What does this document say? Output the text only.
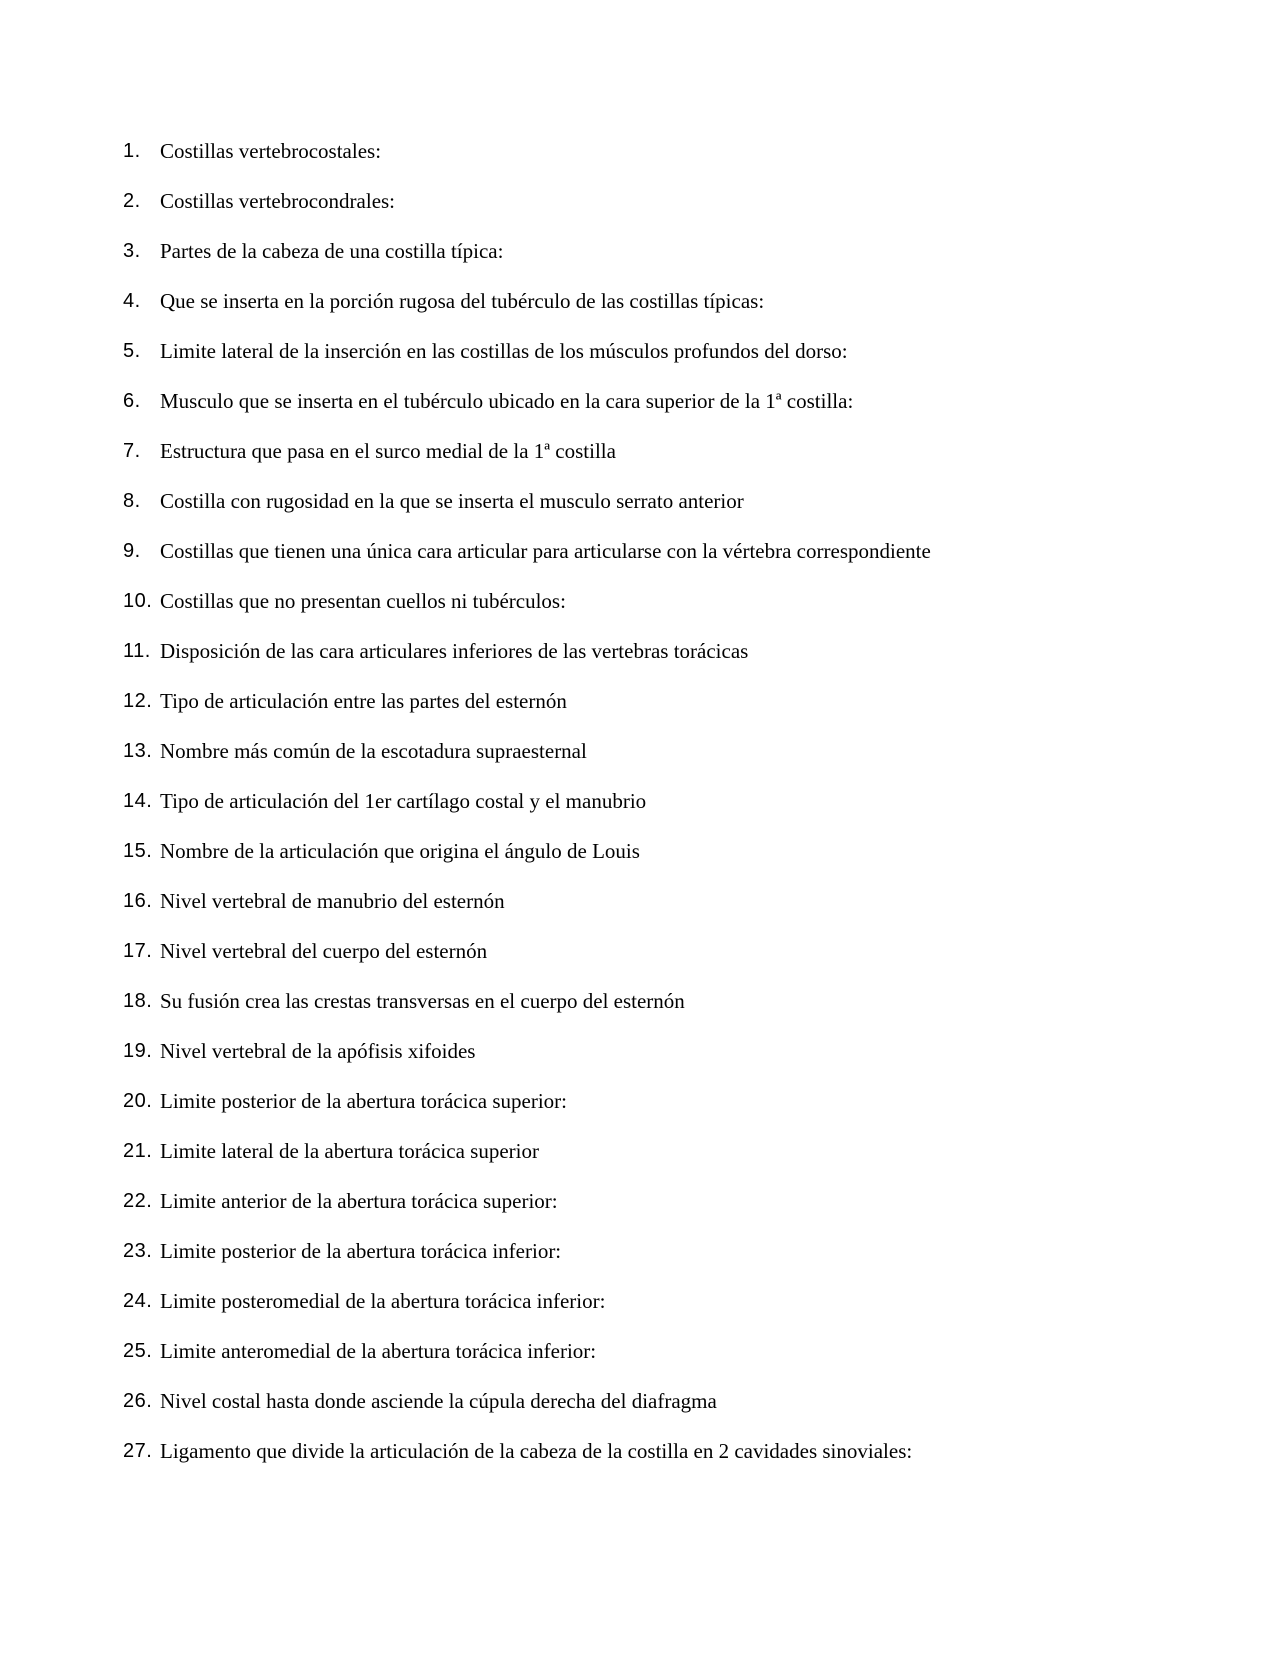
1. Costillas vertebrocostales:
2. Costillas vertebrocondrales:
3. Partes de la cabeza de una costilla típica:
4. Que se inserta en la porción rugosa del tubérculo de las costillas típicas:
5. Limite lateral de la inserción en las costillas de los músculos profundos del dorso:
6. Musculo que se inserta en el tubérculo ubicado en la cara superior de la 1ª costilla:
7. Estructura que pasa en el surco medial de la 1ª costilla
8. Costilla con rugosidad en la que se inserta el musculo serrato anterior
9. Costillas que tienen una única cara articular para articularse con la vértebra correspondiente
10. Costillas que no presentan cuellos ni tubérculos:
11. Disposición de las cara articulares inferiores de las vertebras torácicas
12. Tipo de articulación entre las partes del esternón
13. Nombre más común de la escotadura supraesternal
14. Tipo de articulación del 1er cartílago costal y el manubrio
15. Nombre de la articulación que origina el ángulo de Louis
16. Nivel vertebral de manubrio del esternón
17. Nivel vertebral del cuerpo del esternón
18. Su fusión crea las crestas transversas en el cuerpo del esternón
19. Nivel vertebral de la apófisis xifoides
20. Limite posterior de la abertura torácica superior:
21. Limite lateral de la abertura torácica superior
22. Limite anterior de la abertura torácica superior:
23. Limite posterior de la abertura torácica inferior:
24. Limite posteromedial de la abertura torácica inferior:
25. Limite anteromedial de la abertura torácica inferior:
26. Nivel costal hasta donde asciende la cúpula derecha del diafragma
27. Ligamento que divide la articulación de la cabeza de la costilla en 2 cavidades sinoviales:
